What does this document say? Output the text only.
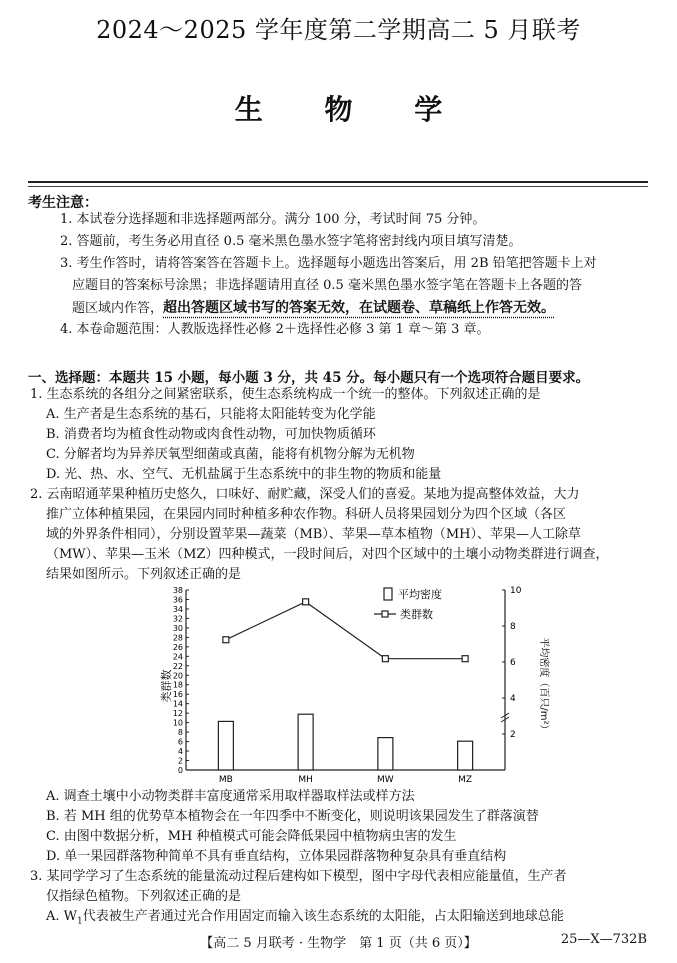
2024～2025 学年度第二学期高二 5 月联考
生 物 学
考生注意：
1. 本试卷分选择题和非选择题两部分。满分 100 分，考试时间 75 分钟。
2. 答题前，考生务必用直径 0.5 毫米黑色墨水签字笔将密封线内项目填写清楚。
3. 考生作答时，请将答案答在答题卡上。选择题每小题选出答案后，用 2B 铅笔把答题卡上对
应题目的答案标号涂黑；非选择题请用直径 0.5 毫米黑色墨水签字笔在答题卡上各题的答
题区域内作答，超出答题区域书写的答案无效，在试题卷、草稿纸上作答无效。
4. 本卷命题范围：人教版选择性必修 2＋选择性必修 3 第 1 章～第 3 章。
一、选择题：本题共 15 小题，每小题 3 分，共 45 分。每小题只有一个选项符合题目要求。
1. 生态系统的各组分之间紧密联系，使生态系统构成一个统一的整体。下列叙述正确的是
A. 生产者是生态系统的基石，只能将太阳能转变为化学能
B. 消费者均为植食性动物或肉食性动物，可加快物质循环
C. 分解者均为异养厌氧型细菌或真菌，能将有机物分解为无机物
D. 光、热、水、空气、无机盐属于生态系统中的非生物的物质和能量
2. 云南昭通苹果种植历史悠久，口味好、耐贮藏，深受人们的喜爱。某地为提高整体效益，大力
推广立体种植果园，在果园内同时种植多种农作物。科研人员将果园划分为四个区域（各区
域的外界条件相同），分别设置苹果—蔬菜（MB）、苹果—草本植物（MH）、苹果—人工除草
（MW）、苹果—玉米（MZ）四种模式，一段时间后，对四个区域中的土壤小动物类群进行调查，
结果如图所示。下列叙述正确的是
0
2
4
6
8
10
12
14
16
18
20
22
24
26
28
30
32
34
36
38
2
4
6
8
10
MB	MH	MW	MZ
类群数	平均密度（百只/m²）
平均密度
类群数
A. 调查土壤中小动物类群丰富度通常采用取样器取样法或样方法
B. 若 MH 组的优势草本植物会在一年四季中不断变化，则说明该果园发生了群落演替
C. 由图中数据分析，MH 种植模式可能会降低果园中植物病虫害的发生
D. 单一果园群落物种简单不具有垂直结构，立体果园群落物种复杂具有垂直结构
3. 某同学学习了生态系统的能量流动过程后建构如下模型，图中字母代表相应能量值，生产者
仅指绿色植物。下列叙述正确的是
A. $W_1$代表被生产者通过光合作用固定而输入该生态系统的太阳能，占太阳输送到地球总能
【高二 5 月联考 · 生物学　第 1 页（共 6 页）】	25—X—732B
